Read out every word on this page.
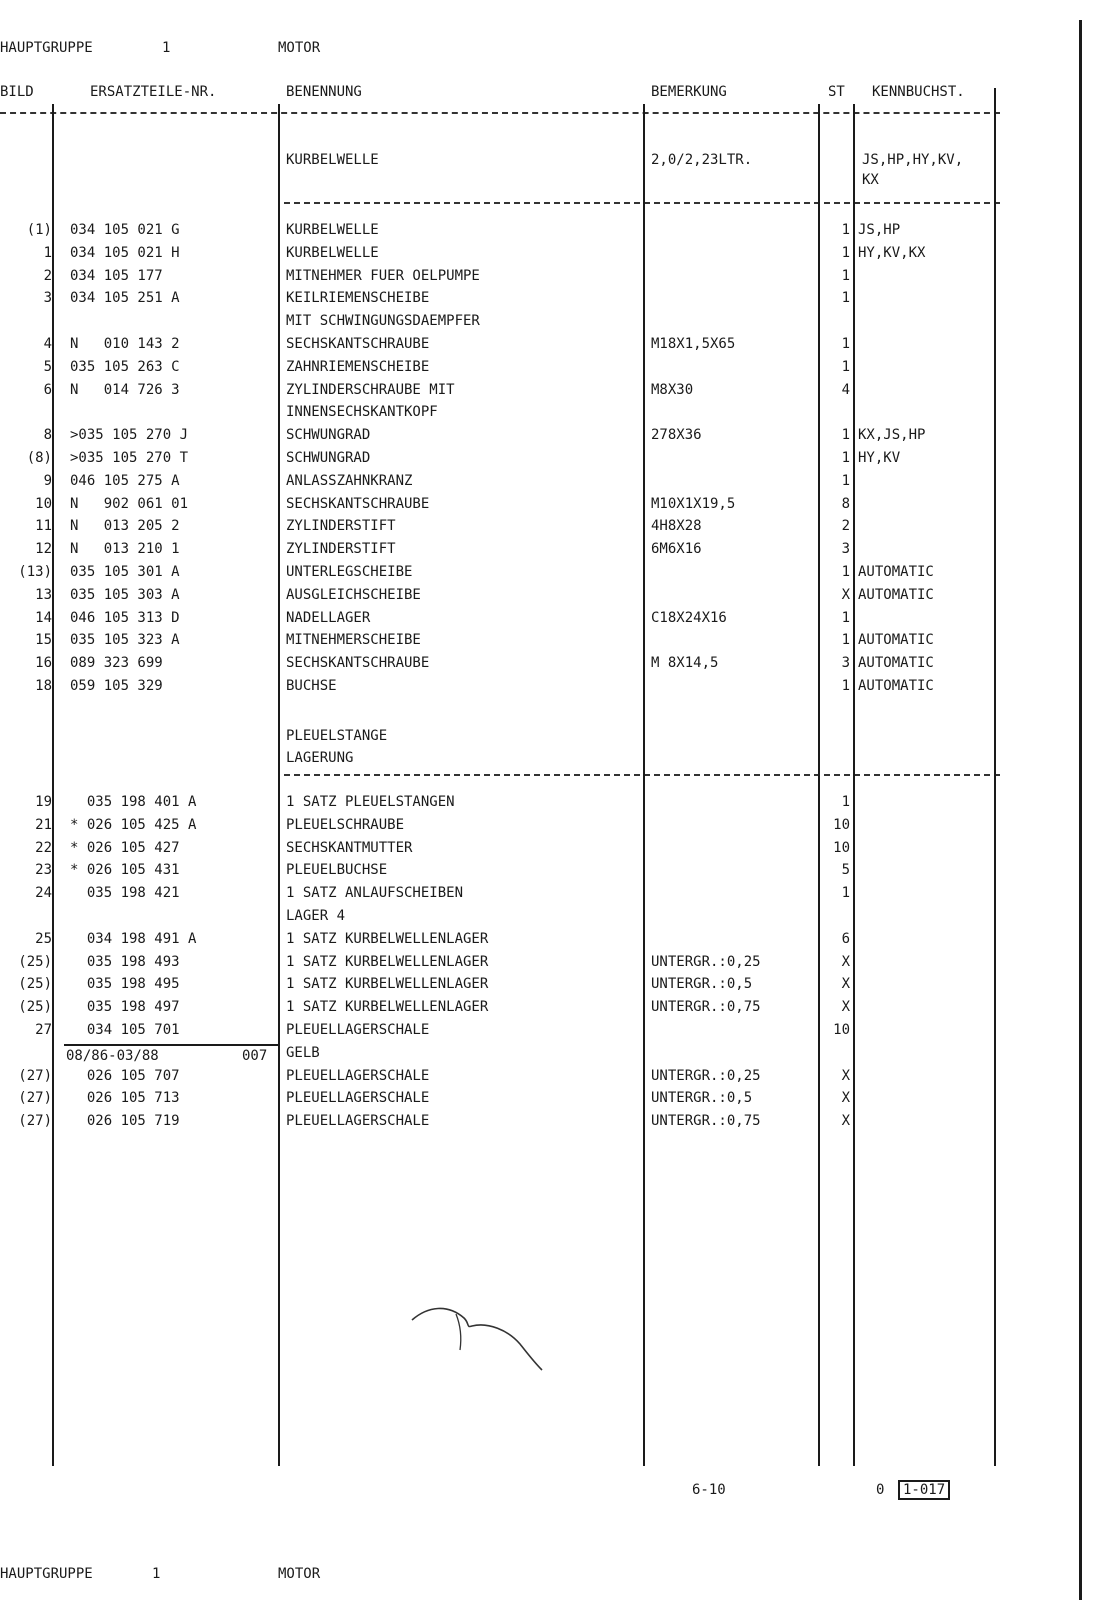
HAUPTGRUPPE	1	MOTOR
BILD	ERSATZTEILE-NR.	BENENNUNG	BEMERKUNG	ST KENNBUCHST.
KURBELWELLE	2,0/2,23LTR.	JS,HP,HY,KV,
KX
(1) 034 105 021 G	KURBELWELLE	1 JS,HP
1 034 105 021 H	KURBELWELLE	1 HY,KV,KX
2 034 105 177	MITNEHMER FUER OELPUMPE	1
3 034 105 251 A	KEILRIEMENSCHEIBE	1
MIT SCHWINGUNGSDAEMPFER
4 N   010 143 2	SECHSKANTSCHRAUBE	M18X1,5X65	1
5 035 105 263 C	ZAHNRIEMENSCHEIBE	1
6 N   014 726 3	ZYLINDERSCHRAUBE MIT	M8X30	4
INNENSECHSKANTKOPF
8 >035 105 270 J	SCHWUNGRAD	278X36	1 KX,JS,HP
(8) >035 105 270 T	SCHWUNGRAD	1 HY,KV
9 046 105 275 A	ANLASSZAHNKRANZ	1
10 N   902 061 01	SECHSKANTSCHRAUBE	M10X1X19,5	8
11 N   013 205 2	ZYLINDERSTIFT	4H8X28	2
12 N   013 210 1	ZYLINDERSTIFT	6M6X16	3
(13) 035 105 301 A	UNTERLEGSCHEIBE	1 AUTOMATIC
13 035 105 303 A	AUSGLEICHSCHEIBE	X AUTOMATIC
14 046 105 313 D	NADELLAGER	C18X24X16	1
15 035 105 323 A	MITNEHMERSCHEIBE	1 AUTOMATIC
16 089 323 699	SECHSKANTSCHRAUBE	M 8X14,5	3 AUTOMATIC
18 059 105 329	BUCHSE	1 AUTOMATIC
PLEUELSTANGE
LAGERUNG
19 035 198 401 A	1 SATZ PLEUELSTANGEN	1
21 * 026 105 425 A	PLEUELSCHRAUBE	10
22 * 026 105 427	SECHSKANTMUTTER	10
23 * 026 105 431	PLEUELBUCHSE	5
24 035 198 421	1 SATZ ANLAUFSCHEIBEN	1
LAGER 4
25 034 198 491 A	1 SATZ KURBELWELLENLAGER	6
(25) 035 198 493	1 SATZ KURBELWELLENLAGER	UNTERGR.:0,25	X
(25) 035 198 495	1 SATZ KURBELWELLENLAGER	UNTERGR.:0,5	X
(25) 035 198 497	1 SATZ KURBELWELLENLAGER	UNTERGR.:0,75	X
27 034 105 701	PLEUELLAGERSCHALE	10
GELB
(27) 026 105 707	PLEUELLAGERSCHALE	UNTERGR.:0,25	X
(27) 026 105 713	PLEUELLAGERSCHALE	UNTERGR.:0,5	X
(27) 026 105 719	PLEUELLAGERSCHALE	UNTERGR.:0,75	X
08/86-03/88	007
6-10	0	1-017
HAUPTGRUPPE	1	MOTOR
